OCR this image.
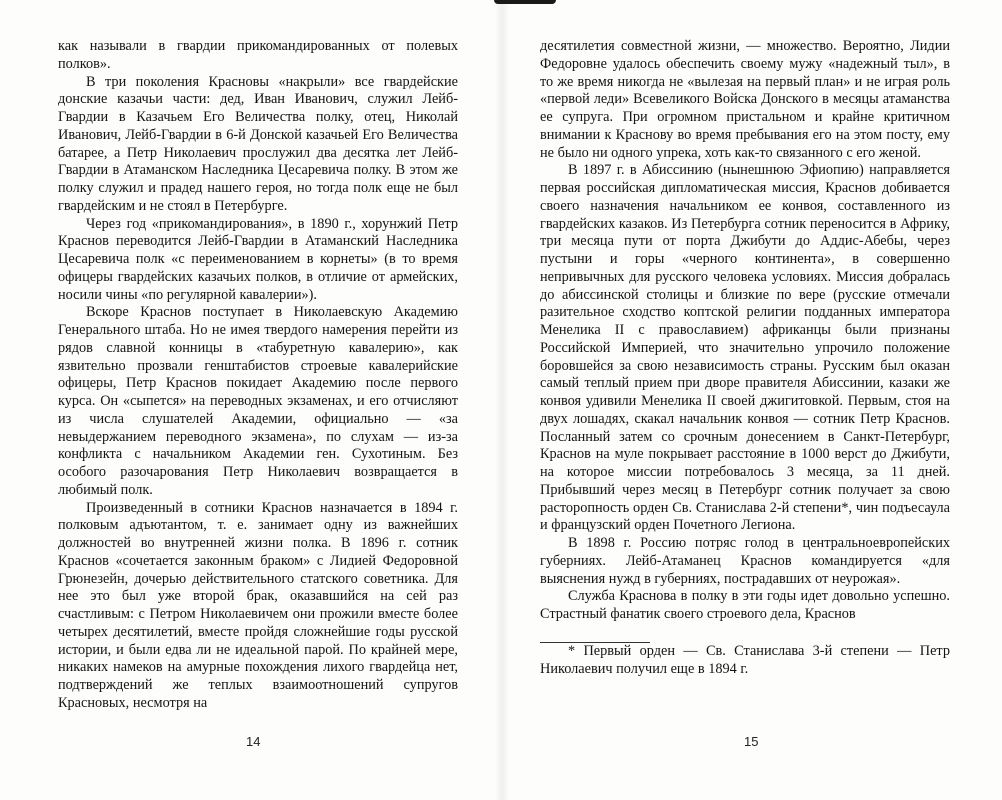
как называли в гвардии прикомандированных от полевых полков».

В три поколения Красновы «накрыли» все гвардейские донские казачьи части: дед, Иван Иванович, служил Лейб-Гвардии в Казачьем Его Величества полку, отец, Николай Иванович, Лейб-Гвардии в 6-й Донской казачьей Его Величества батарее, а Петр Николаевич прослужил два десятка лет Лейб-Гвардии в Атаманском Наследника Цесаревича полку. В этом же полку служил и прадед нашего героя, но тогда полк еще не был гвардейским и не стоял в Петербурге.

Через год «прикомандирования», в 1890 г., хорунжий Петр Краснов переводится Лейб-Гвардии в Атаманский Наследника Цесаревича полк «с переименованием в корнеты» (в то время офицеры гвардейских казачьих полков, в отличие от армейских, носили чины «по регулярной кавалерии»).

Вскоре Краснов поступает в Николаевскую Академию Генерального штаба. Но не имея твердого намерения перейти из рядов славной конницы в «табуретную кавалерию», как язвительно прозвали генштабистов строевые кавалерийские офицеры, Петр Краснов покидает Академию после первого курса. Он «сыпется» на переводных экзаменах, и его отчисляют из числа слушателей Академии, официально — «за невыдержанием переводного экзамена», по слухам — из-за конфликта с начальником Академии ген. Сухотиным. Без особого разочарования Петр Николаевич возвращается в любимый полк.

Произведенный в сотники Краснов назначается в 1894 г. полковым адъютантом, т. е. занимает одну из важнейших должностей во внутренней жизни полка. В 1896 г. сотник Краснов «сочетается законным браком» с Лидией Федоровной Грюнезейн, дочерью действительного статского советника. Для нее это был уже второй брак, оказавшийся на сей раз счастливым: с Петром Николаевичем они прожили вместе более четырех десятилетий, вместе пройдя сложнейшие годы русской истории, и были едва ли не идеальной парой. По крайней мере, никаких намеков на амурные похождения лихого гвардейца нет, подтверждений же теплых взаимоотношений супругов Красновых, несмотря на

14

десятилетия совместной жизни, — множество. Вероятно, Лидии Федоровне удалось обеспечить своему мужу «надежный тыл», в то же время никогда не «вылезая на первый план» и не играя роль «первой леди» Всевеликого Войска Донского в месяцы атаманства ее супруга. При огромном пристальном и крайне критичном внимании к Краснову во время пребывания его на этом посту, ему не было ни одного упрека, хоть как-то связанного с его женой.

В 1897 г. в Абиссинию (нынешнюю Эфиопию) направляется первая российская дипломатическая миссия, Краснов добивается своего назначения начальником ее конвоя, составленного из гвардейских казаков. Из Петербурга сотник переносится в Африку, три месяца пути от порта Джибути до Аддис-Абебы, через пустыни и горы «черного континента», в совершенно непривычных для русского человека условиях. Миссия добралась до абиссинской столицы и близкие по вере (русские отмечали разительное сходство коптской религии подданных императора Менелика II с православием) африканцы были признаны Российской Империей, что значительно упрочило положение боровшейся за свою независимость страны. Русским был оказан самый теплый прием при дворе правителя Абиссинии, казаки же конвоя удивили Менелика II своей джигитовкой. Первым, стоя на двух лошадях, скакал начальник конвоя — сотник Петр Краснов. Посланный затем со срочным донесением в Санкт-Петербург, Краснов на муле покрывает расстояние в 1000 верст до Джибути, на которое миссии потребовалось 3 месяца, за 11 дней. Прибывший через месяц в Петербург сотник получает за свою расторопность орден Св. Станислава 2-й степени*, чин подъесаула и французский орден Почетного Легиона.

В 1898 г. Россию потряс голод в центральноевропейских губерниях. Лейб-Атаманец Краснов командируется «для выяснения нужд в губерниях, пострадавших от неурожая».

Служба Краснова в полку в эти годы идет довольно успешно. Страстный фанатик своего строевого дела, Краснов

* Первый орден — Св. Станислава 3-й степени — Петр Николаевич получил еще в 1894 г.

15
